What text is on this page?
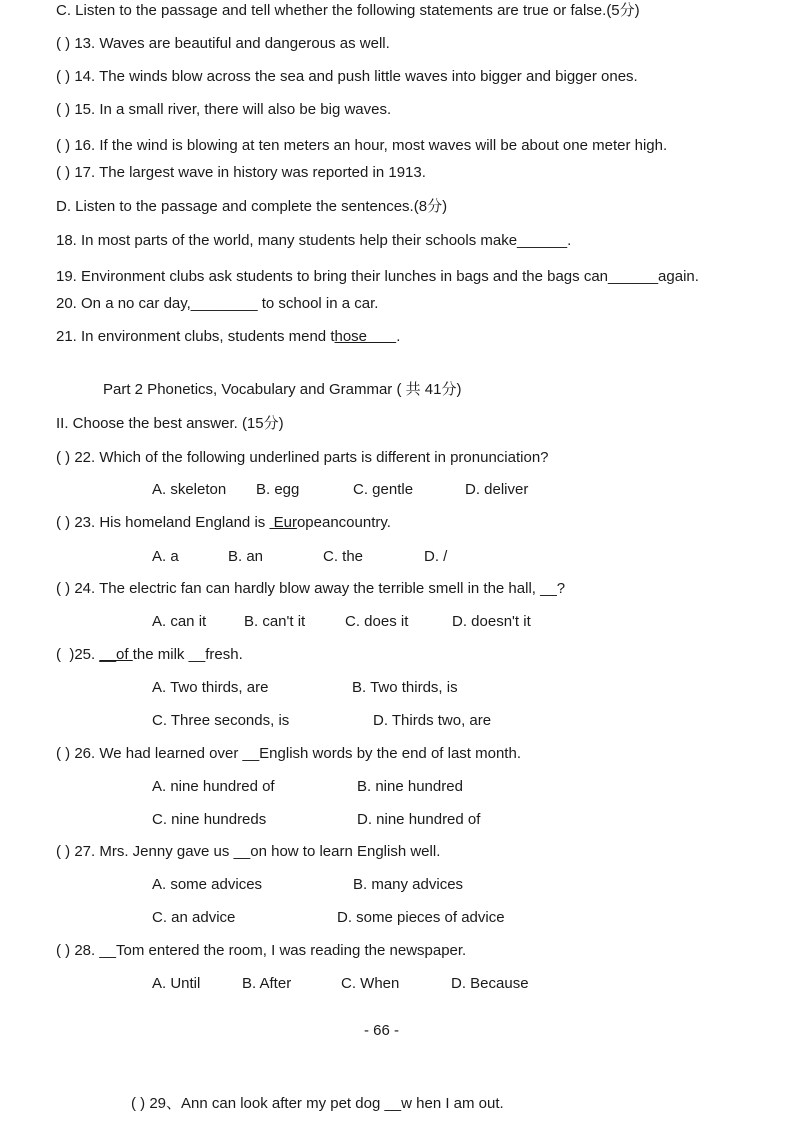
C. Listen to the passage and tell whether the following statements are true or false.(5分)
( ) 13. Waves are beautiful and dangerous as well.
( ) 14. The winds blow across the sea and push little waves into bigger and bigger ones.
( ) 15. In a small river, there will also be big waves.
( ) 16. If the wind is blowing at ten meters an hour, most waves will be about one meter high.
( ) 17. The largest wave in history was reported in 1913.
D. Listen to the passage and complete the sentences.(8分)
18. In most parts of the world, many students help their schools make______.
19. Environment clubs ask students to bring their lunches in bags and the bags can______again.
20. On a no car day,________ to school in a car.
21. In environment clubs, students mend those       .
Part 2 Phonetics, Vocabulary and Grammar ( 共 41分)
II. Choose the best answer. (15分)
( ) 22. Which of the following underlined parts is different in pronunciation?
A. skeleton B. egg	C. gentle	D. deliver
( ) 23. His homeland England is  Europeancountry.
A. a	B. an	C. the	D. /
( ) 24. The electric fan can hardly blow away the terrible smell in the hall, __?
A. can it	B. can't it	C. does it	D. doesn't it
(  )25. __of the milk __fresh.
A. Two thirds, are	B. Two thirds, is
C. Three seconds, is	D. Thirds two, are
( ) 26. We had learned over __English words by the end of last month.
A. nine hundred of	B. nine hundred
C. nine hundreds	D. nine hundred of
( ) 27. Mrs. Jenny gave us __on how to learn English well.
A. some advices	B. many advices
C. an advice	D. some pieces of advice
( ) 28. __Tom entered the room, I was reading the newspaper.
A. Until	B. After	C. When	D. Because
- 66 -
( ) 29、Ann can look after my pet dog __w hen I am out.
